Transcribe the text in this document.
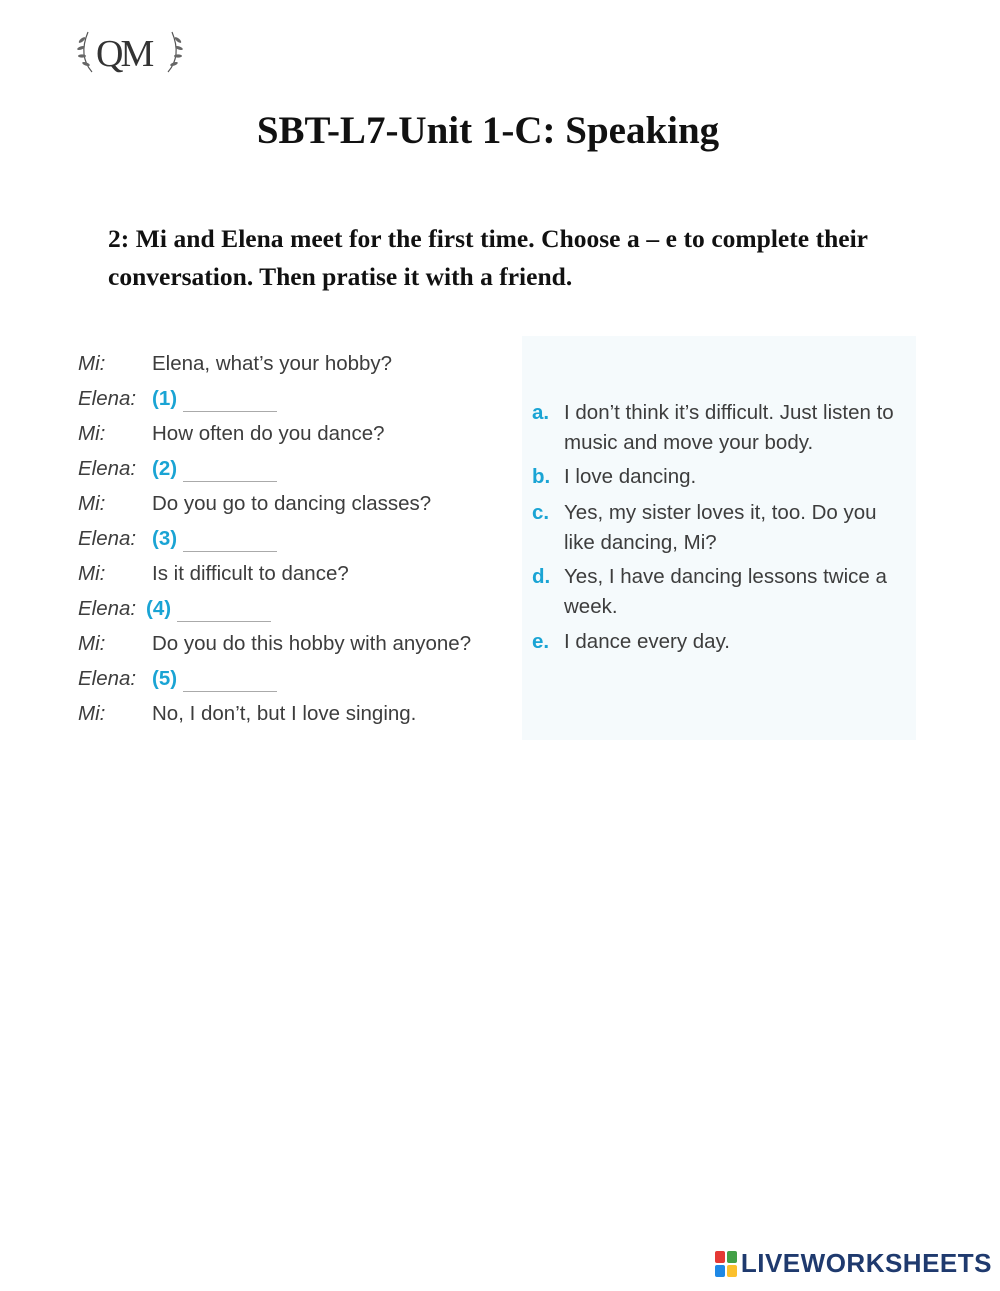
QM
SBT-L7-Unit 1-C: Speaking
2: Mi and Elena meet for the first time. Choose a – e to complete their conversation. Then pratise it with a friend.
Mi:	Elena, what’s your hobby?
Elena: (1)
Mi:	How often do you dance?
Elena: (2)
Mi:	Do you go to dancing classes?
Elena: (3)
Mi:	Is it difficult to dance?
Elena: (4)
Mi:	Do you do this hobby with anyone?
Elena: (5)
Mi:	No, I don’t, but I love singing.
a. I don’t think it’s difficult. Just listen to music and move your body.
b. I love dancing.
c. Yes, my sister loves it, too. Do you like dancing, Mi?
d. Yes, I have dancing lessons twice a week.
e. I dance every day.
LIVEWORKSHEETS
